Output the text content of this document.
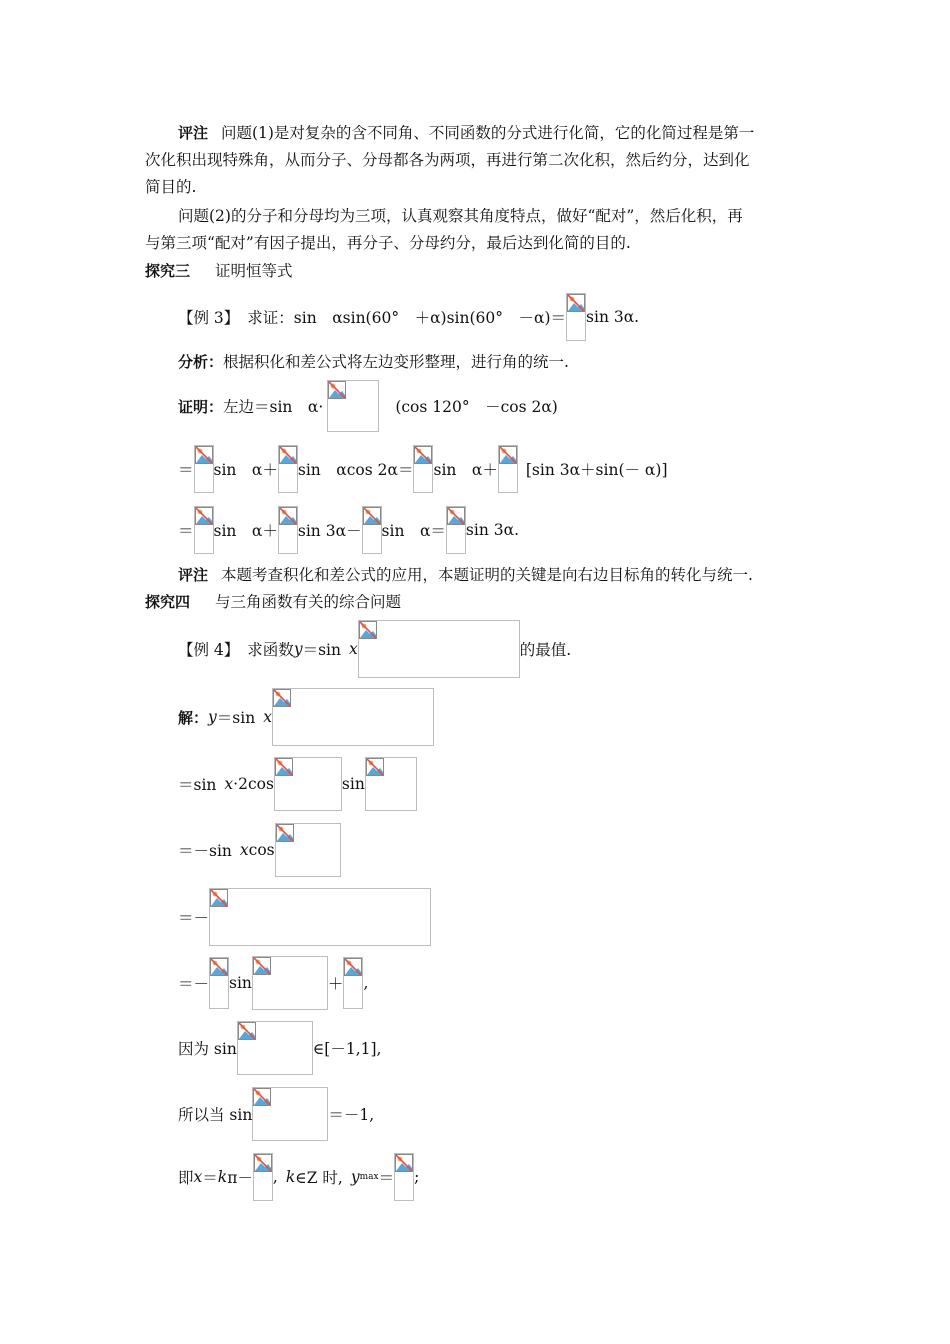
评注 问题(1)是对复杂的含不同角、不同函数的分式进行化简，它的化简过程是第一
次化积出现特殊角，从而分子、分母都各为两项，再进行第二次化积，然后约分，达到化
简目的.
问题(2)的分子和分母均为三项，认真观察其角度特点，做好“配对”，然后化积，再
与第三项“配对”有因子提出，再分子、分母约分，最后达到化简的目的.
探究三 证明恒等式
【例 3】 求证：sin　αsin(60°　＋α)sin(60°　－α)＝ sin 3α.
分析： 根据积化和差公式将左边变形整理，进行角的统一.
证明： 左边＝sin　α·	(cos 120°　－cos 2α)
＝ sin　α＋ sin　αcos 2α＝ sin　α＋ [sin 3α＋sin(－ α)]
＝ sin　α＋ sin 3α－ sin　α＝ sin 3α.
评注 本题考查积化和差公式的应用，本题证明的关键是向右边目标角的转化与统一.
探究四 与三角函数有关的综合问题
【例 4】 求函数 y ＝sin x	的最值.
解： y ＝sin x
＝sin x ·2cos	sin
＝－sin x cos
＝－
＝－ sin	＋ ,
因为 sin	∈[－1,1],
所以当 sin	＝－1,
即 x ＝ k π－ , k ∈Z 时, y max ＝ ;
